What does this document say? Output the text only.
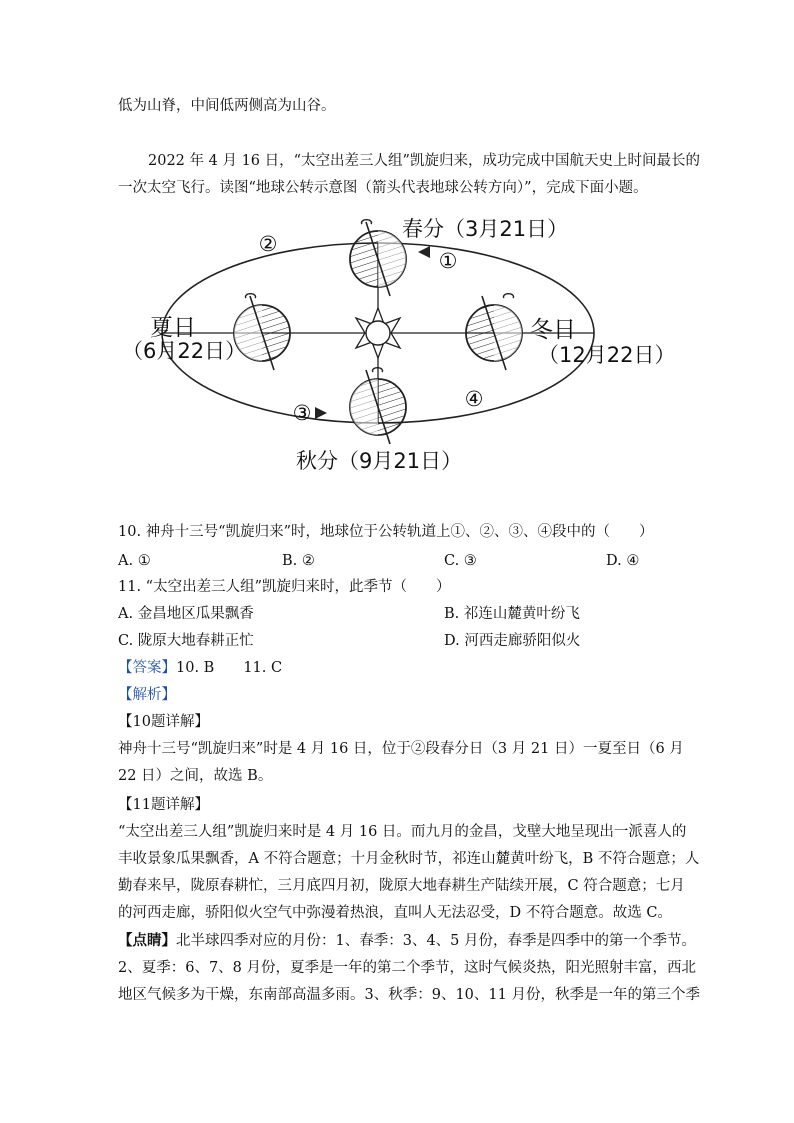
低为山脊，中间低两侧高为山谷。
2022 年 4 月 16 日，“太空出差三人组”凯旋归来，成功完成中国航天史上时间最长的
一次太空飞行。读图“地球公转示意图（箭头代表地球公转方向）”，完成下面小题。
春分（3月21日）
②
①
夏日
（6月22日）
冬日
（12月22日）
③
④
秋分（9月21日）
10. 神舟十三号“凯旋归来”时，地球位于公转轨道上①、②、③、④段中的（　　）
A. ①	B. ②	C. ③	D. ④
11. “太空出差三人组”凯旋归来时，此季节（　　）
A. 金昌地区瓜果飘香	B. 祁连山麓黄叶纷飞
C. 陇原大地春耕正忙	D. 河西走廊骄阳似火
【答案】10. B　　11. C
【解析】
【10题详解】
神舟十三号“凯旋归来”时是 4 月 16 日，位于②段春分日（3 月 21 日）一夏至日（6 月
22 日）之间，故选 B。
【11题详解】
“太空出差三人组”凯旋归来时是 4 月 16 日。而九月的金昌，戈壁大地呈现出一派喜人的
丰收景象瓜果飘香，A 不符合题意；十月金秋时节，祁连山麓黄叶纷飞，B 不符合题意；人
勤春来早，陇原春耕忙，三月底四月初，陇原大地春耕生产陆续开展，C 符合题意；七月
的河西走廊，骄阳似火空气中弥漫着热浪，直叫人无法忍受，D 不符合题意。故选 C。
【点睛】北半球四季对应的月份：1、春季：3、4、5 月份，春季是四季中的第一个季节。
2、夏季：6、7、8 月份，夏季是一年的第二个季节，这时气候炎热，阳光照射丰富，西北
地区气候多为干燥，东南部高温多雨。3、秋季：9、10、11 月份，秋季是一年的第三个季
